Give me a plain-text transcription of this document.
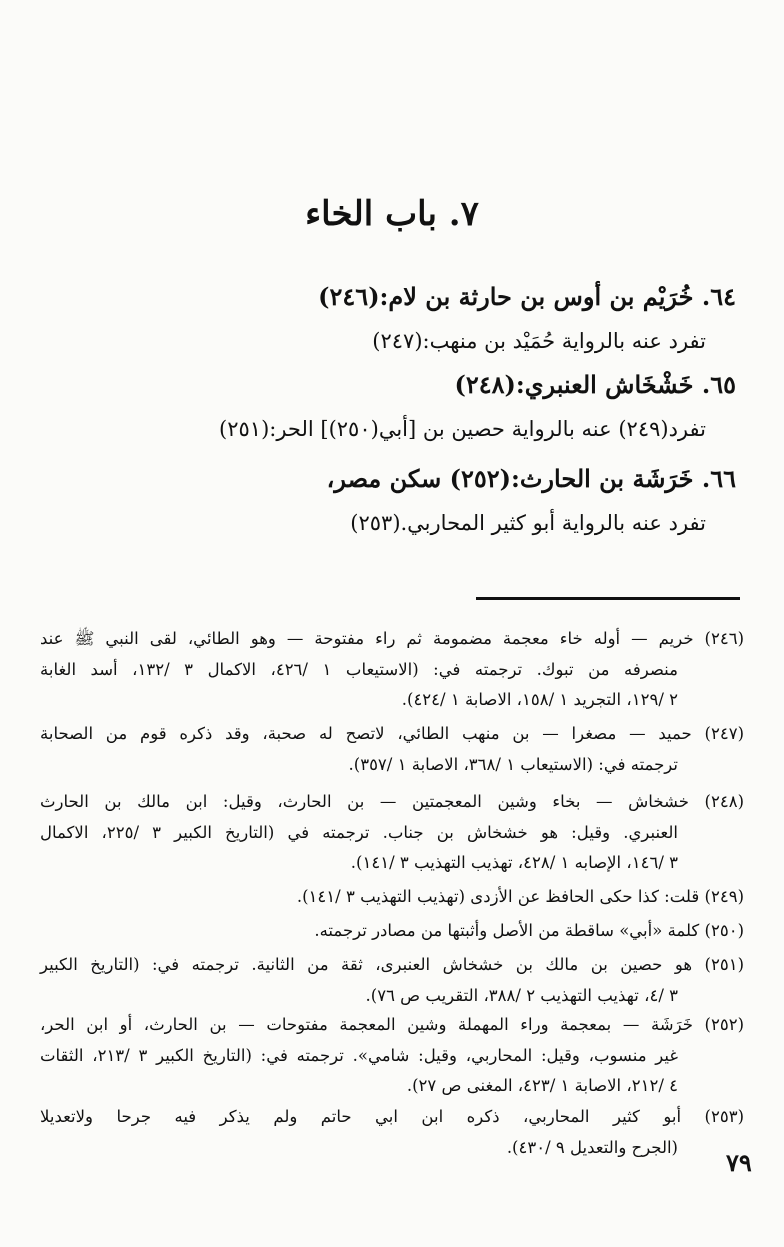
٧. باب الخاء
٦٤. خُرَيْم بن أوس بن حارثة بن لام:(٢٤٦)
تفرد عنه بالرواية حُمَيْد بن منهب:(٢٤٧)
٦٥. خَشْخَاش العنبري:(٢٤٨)
تفرد(٢٤٩) عنه بالرواية حصين بن [أبي(٢٥٠)] الحر:(٢٥١)
٦٦. خَرَشَة بن الحارث:(٢٥٢) سكن مصر،
تفرد عنه بالرواية أبو كثير المحاربي.(٢٥٣)
(٢٤٦) خريم — أوله خاء معجمة مضمومة ثم راء مفتوحة — وهو الطائي، لقى النبي ﷺ عند
منصرفه من تبوك. ترجمته في: (الاستيعاب ١ /٤٢٦، الاكمال ٣ /١٣٢، أسد الغابة
٢ /١٢٩، التجريد ١ /١٥٨، الاصابة ١ /٤٢٤).
(٢٤٧) حميد — مصغرا — بن منهب الطائي، لاتصح له صحبة، وقد ذكره قوم من الصحابة
ترجمته في: (الاستيعاب ١ /٣٦٨، الاصابة ١ /٣٥٧).
(٢٤٨) خشخاش — بخاء وشين المعجمتين — بن الحارث، وقيل: ابن مالك بن الحارث
العنبري. وقيل: هو خشخاش بن جناب. ترجمته في (التاريخ الكبير ٣ /٢٢٥، الاكمال
٣ /١٤٦، الإصابه ١ /٤٢٨، تهذيب التهذيب ٣ /١٤١).
(٢٤٩) قلت: كذا حكى الحافظ عن الأزدى (تهذيب التهذيب ٣ /١٤١).
(٢٥٠) كلمة «أبي» ساقطة من الأصل وأثبتها من مصادر ترجمته.
(٢٥١) هو حصين بن مالك بن خشخاش العنبرى، ثقة من الثانية. ترجمته في: (التاريخ الكبير
٣ /٤، تهذيب التهذيب ٢ /٣٨٨، التقريب ص ٧٦).
(٢٥٢) خَرَشَة — بمعجمة وراء المهملة وشين المعجمة مفتوحات — بن الحارث، أو ابن الحر،
غير منسوب، وقيل: المحاربي، وقيل: شامي». ترجمته في: (التاريخ الكبير ٣ /٢١٣، الثقات
٤ /٢١٢، الاصابة ١ /٤٢٣، المغنى ص ٢٧).
(٢٥٣) أبو كثير المحاربي، ذكره ابن ابي حاتم ولم يذكر فيه جرحا ولاتعديلا
(الجرح والتعديل ٩ /٤٣٠).
٧٩
